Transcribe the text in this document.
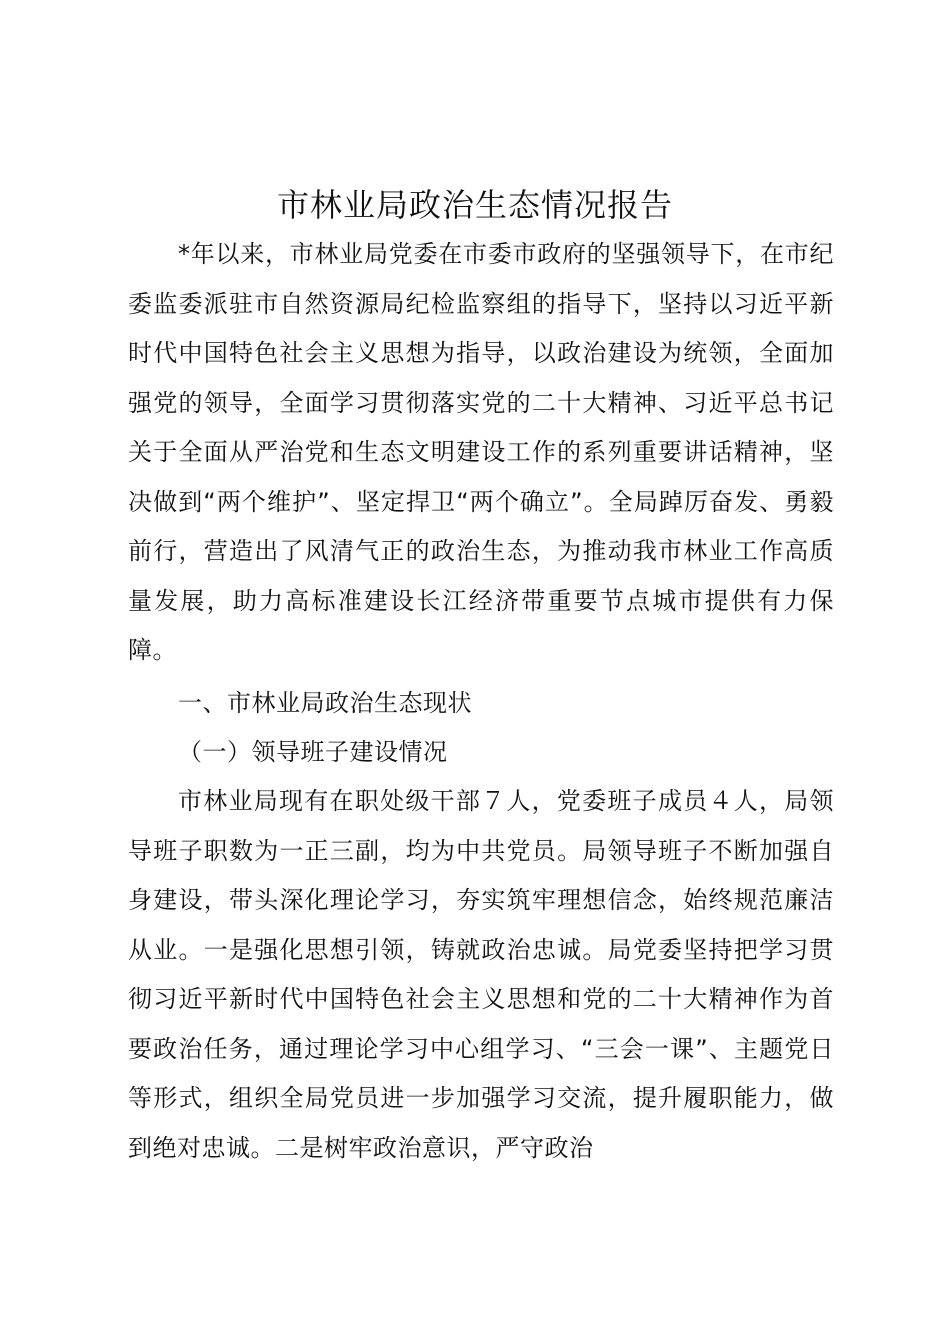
市林业局政治生态情况报告

*年以来，市林业局党委在市委市政府的坚强领导下，在市纪委监委派驻市自然资源局纪检监察组的指导下，坚持以习近平新时代中国特色社会主义思想为指导，以政治建设为统领，全面加强党的领导，全面学习贯彻落实党的二十大精神、习近平总书记关于全面从严治党和生态文明建设工作的系列重要讲话精神，坚决做到“两个维护”、坚定捍卫“两个确立”。全局踔厉奋发、勇毅前行，营造出了风清气正的政治生态，为推动我市林业工作高质量发展，助力高标准建设长江经济带重要节点城市提供有力保障。

一、市林业局政治生态现状

（一）领导班子建设情况

市林业局现有在职处级干部７人，党委班子成员４人，局领导班子职数为一正三副，均为中共党员。局领导班子不断加强自身建设，带头深化理论学习，夯实筑牢理想信念，始终规范廉洁从业。一是强化思想引领，铸就政治忠诚。局党委坚持把学习贯彻习近平新时代中国特色社会主义思想和党的二十大精神作为首要政治任务，通过理论学习中心组学习、“三会一课”、主题党日等形式，组织全局党员进一步加强学习交流，提升履职能力，做到绝对忠诚。二是树牢政治意识，严守政治
